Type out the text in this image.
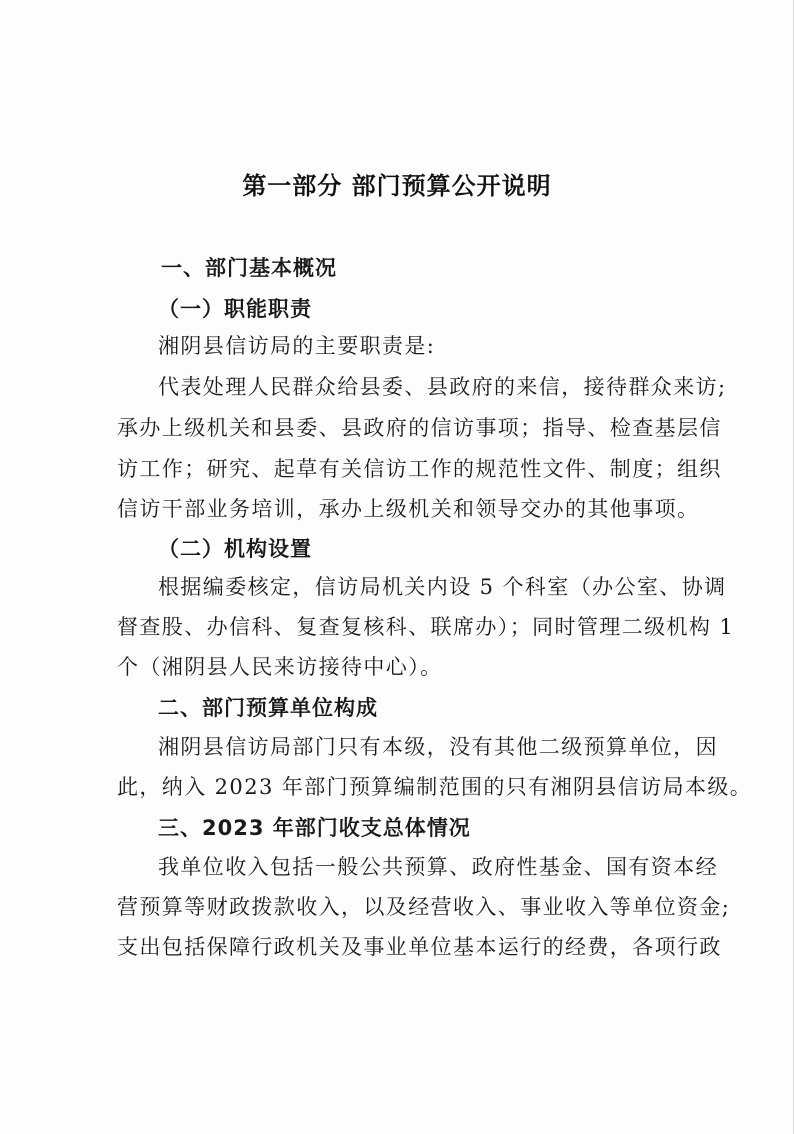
第一部分 部门预算公开说明
一、部门基本概况
（一）职能职责
湘阴县信访局的主要职责是:
代表处理人民群众给县委、县政府的来信，接待群众来访;
承办上级机关和县委、县政府的信访事项；指导、检查基层信
访工作；研究、起草有关信访工作的规范性文件、制度；组织
信访干部业务培训，承办上级机关和领导交办的其他事项。
（二）机构设置
根据编委核定，信访局机关内设 5 个科室（办公室、协调
督查股、办信科、复查复核科、联席办）；同时管理二级机构 1
个（湘阴县人民来访接待中心）。
二、部门预算单位构成
湘阴县信访局部门只有本级，没有其他二级预算单位，因
此，纳入 2023 年部门预算编制范围的只有湘阴县信访局本级。
三、2023 年部门收支总体情况
我单位收入包括一般公共预算、政府性基金、国有资本经
营预算等财政拨款收入，以及经营收入、事业收入等单位资金;
支出包括保障行政机关及事业单位基本运行的经费，各项行政
